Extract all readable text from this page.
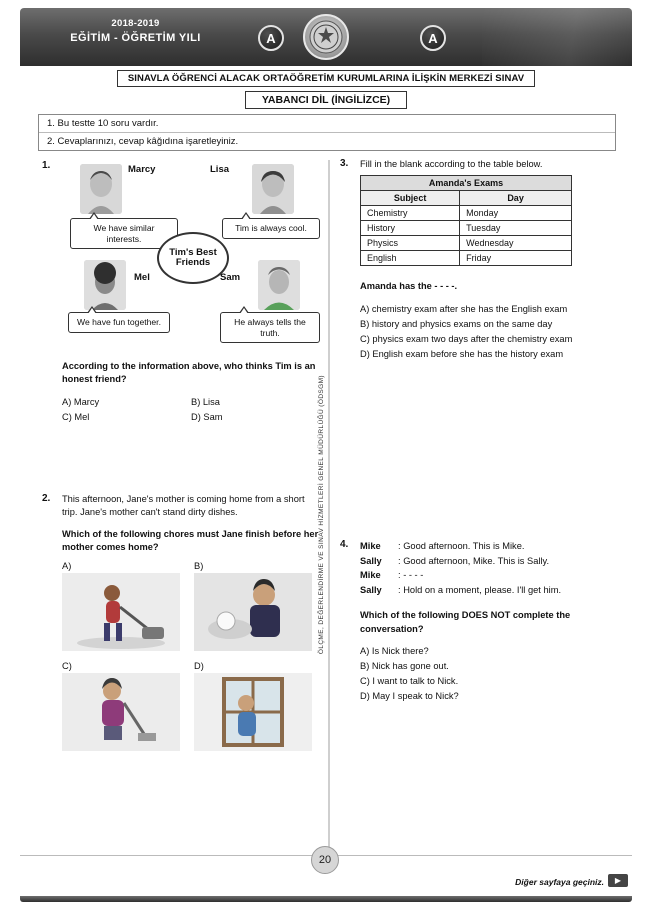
2018-2019
EĞİTİM - ÖĞRETİM YILI	A	A
SINAVLA ÖĞRENCİ ALACAK ORTAÖĞRETİM KURUMLARINA İLİŞKİN MERKEZİ SINAV
YABANCI DİL (İNGİLİZCE)
1. Bu testte 10 soru vardır.
2. Cevaplarınızı, cevap kâğıdına işaretleyiniz.
ÖLÇME, DEĞERLENDİRME VE SINAV HİZMETLERİ GENEL MÜDÜRLÜĞÜ (ÖDSGM)
1.	Marcy
We have similar interests.
Lisa
Tim is always cool.
Tim's Best Friends
Mel
We have fun together.
Sam
He always tells the truth.
According to the information above, who thinks Tim is an honest friend?
A) Marcy	B) Lisa
C) Mel	D) Sam
2. This afternoon, Jane's mother is coming home from a short trip. Jane's mother can't stand dirty dishes.
Which of the following chores must Jane finish before her mother comes home?
A)	B)
C)	D)
3. Fill in the blank according to the table below.
Amanda's Exams	
Subject	Day
Chemistry	Monday
History	Tuesday
Physics	Wednesday
English	Friday
Amanda has the - - - -.
A) chemistry exam after she has the English exam
B) history and physics exams on the same day
C) physics exam two days after the chemistry exam
D) English exam before she has the history exam
4. Mike : Good afternoon. This is Mike.
Sally : Good afternoon, Mike. This is Sally.
Mike : - - - -
Sally : Hold on a moment, please. I'll get him.
Which of the following DOES NOT complete the conversation?
A) Is Nick there?
B) Nick has gone out.
C) I want to talk to Nick.
D) May I speak to Nick?
20
Diğer sayfaya geçiniz.	▶
